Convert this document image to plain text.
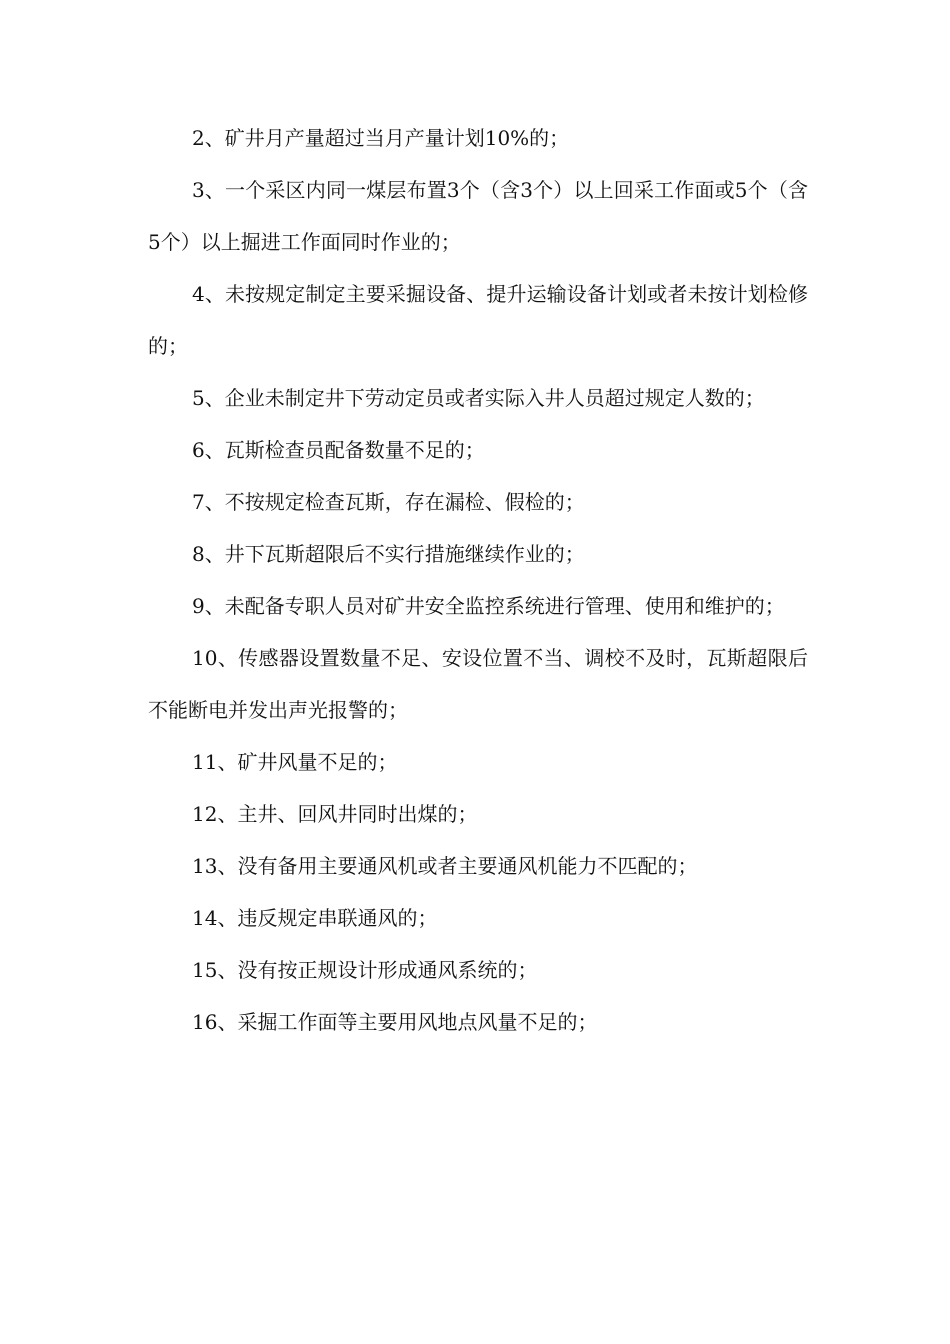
2、矿井月产量超过当月产量计划10%的；

3、一个采区内同一煤层布置3个（含3个）以上回采工作面或5个（含5个）以上掘进工作面同时作业的；

4、未按规定制定主要采掘设备、提升运输设备计划或者未按计划检修的；

5、企业未制定井下劳动定员或者实际入井人员超过规定人数的；

6、瓦斯检查员配备数量不足的；

7、不按规定检查瓦斯，存在漏检、假检的；

8、井下瓦斯超限后不实行措施继续作业的；

9、未配备专职人员对矿井安全监控系统进行管理、使用和维护的；

10、传感器设置数量不足、安设位置不当、调校不及时，瓦斯超限后不能断电并发出声光报警的；

11、矿井风量不足的；

12、主井、回风井同时出煤的；

13、没有备用主要通风机或者主要通风机能力不匹配的；

14、违反规定串联通风的；

15、没有按正规设计形成通风系统的；

16、采掘工作面等主要用风地点风量不足的；
